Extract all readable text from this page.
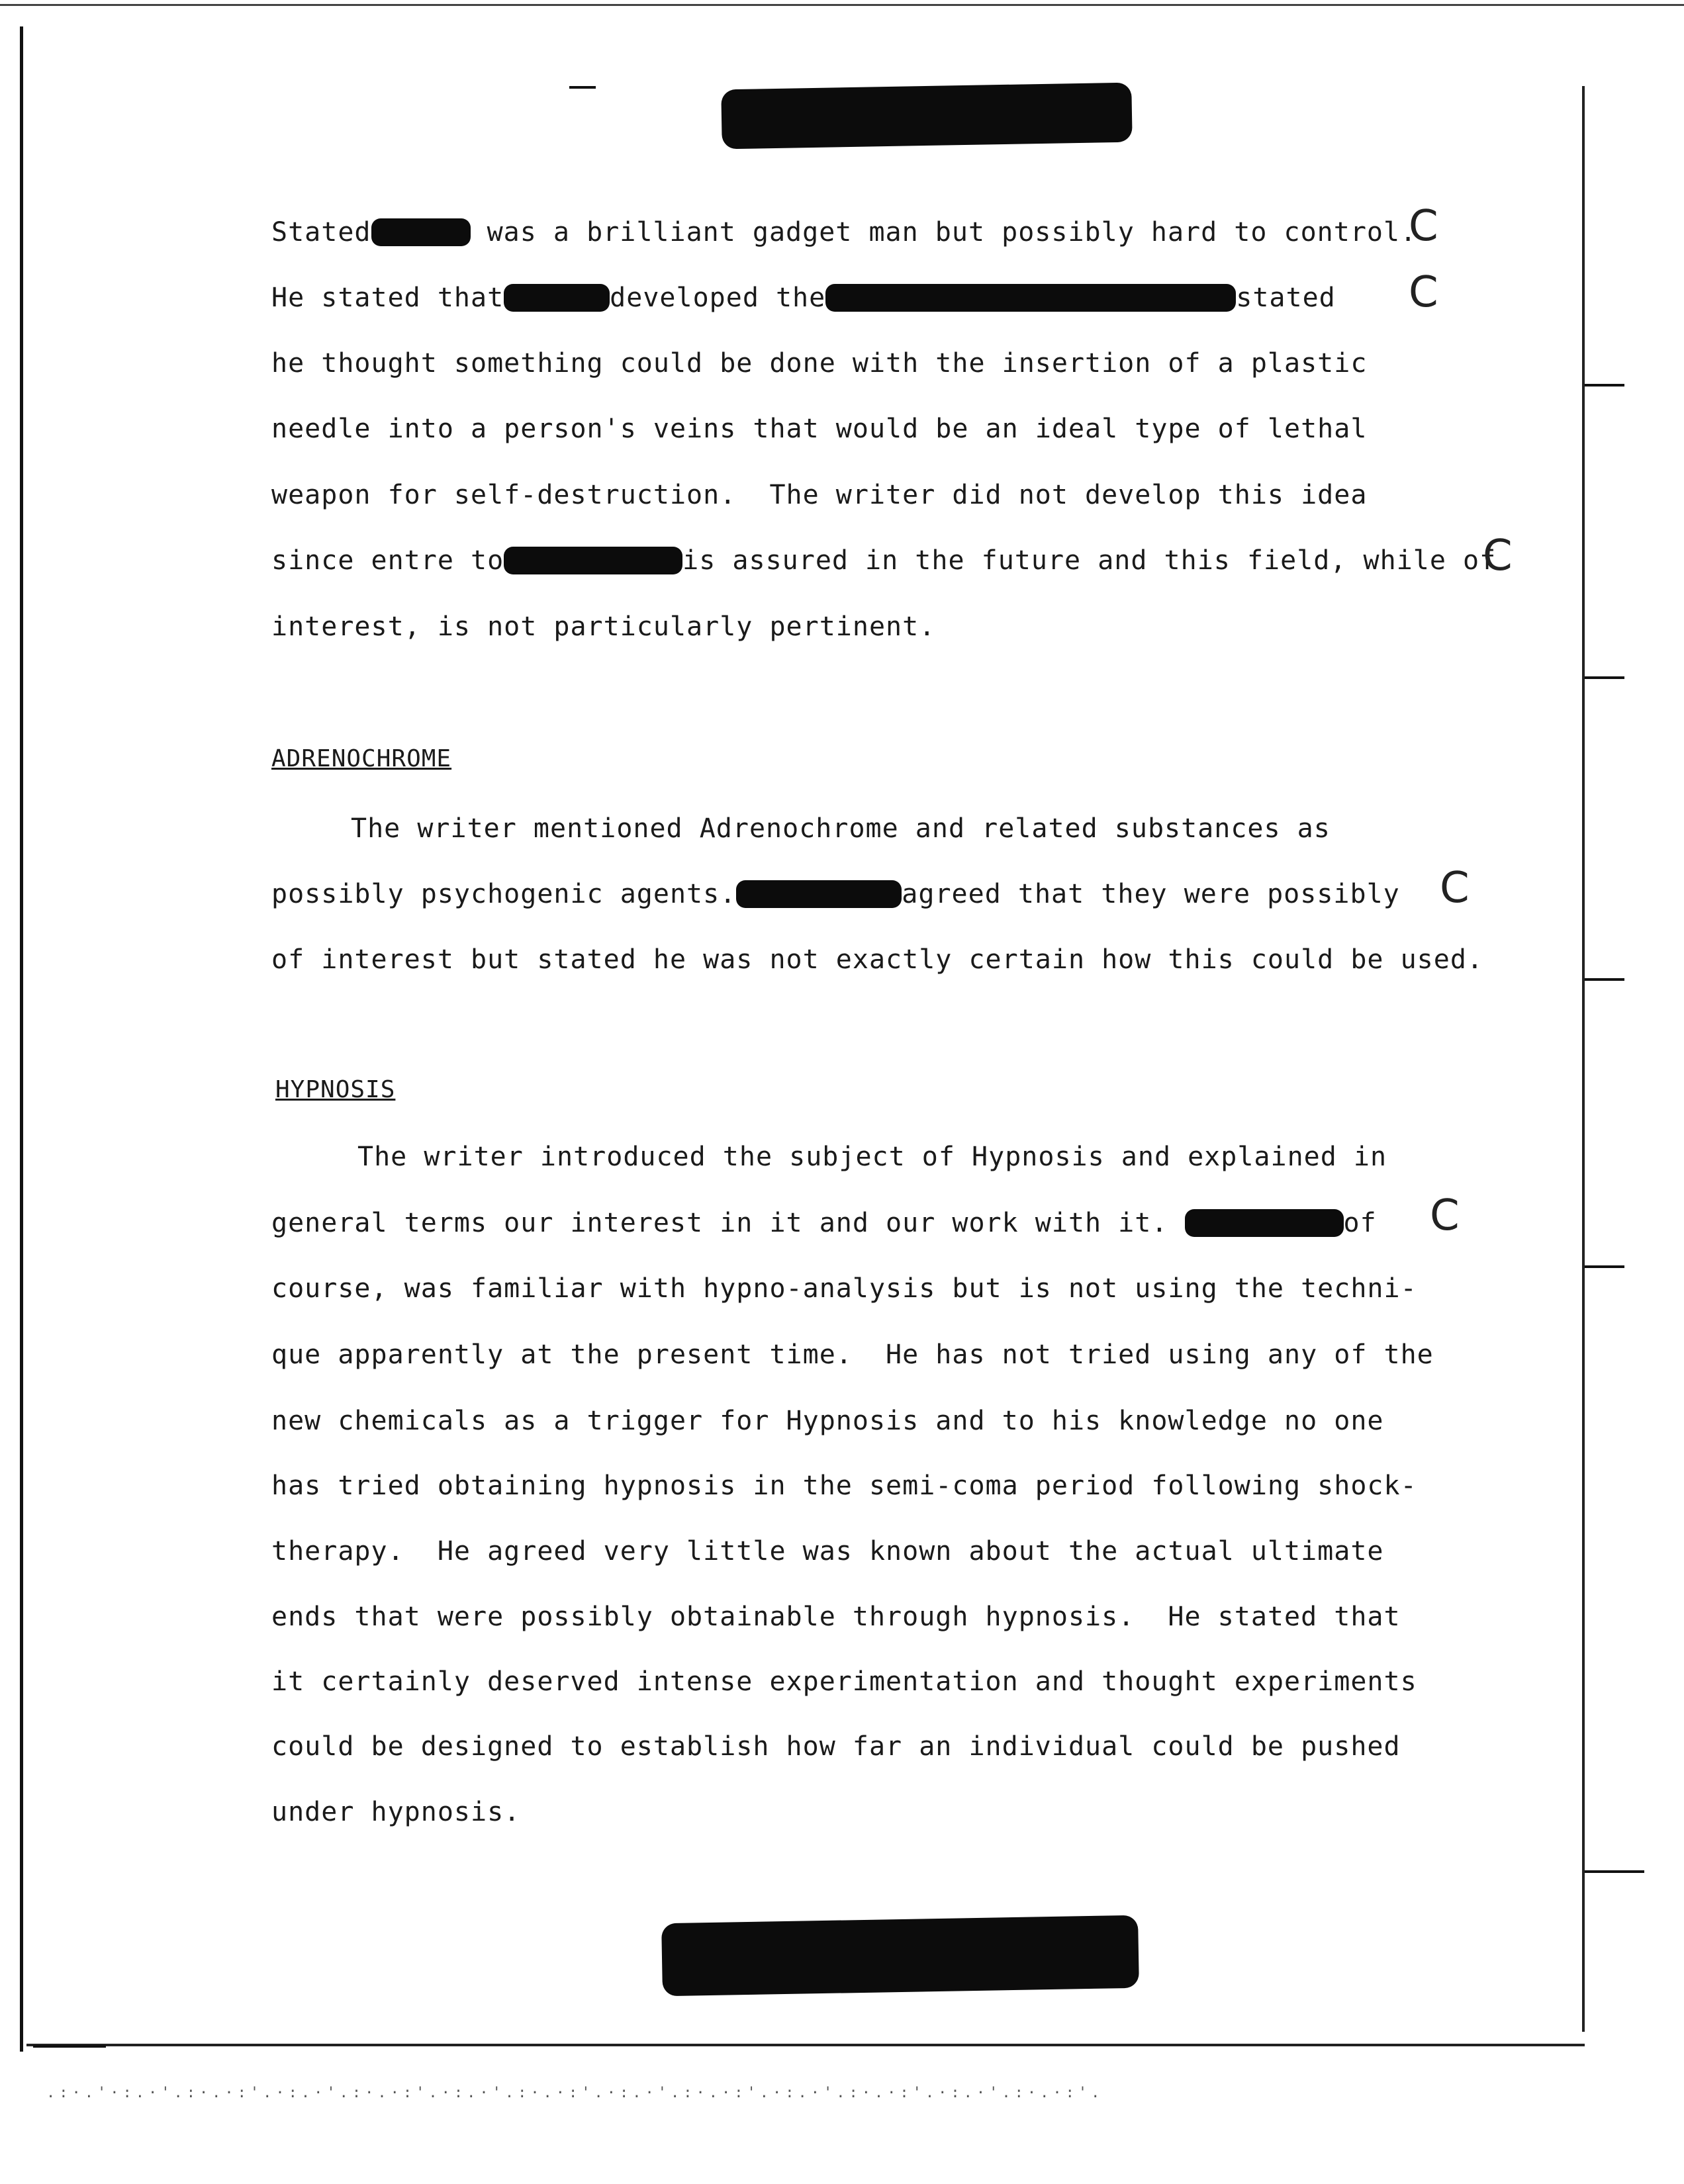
.:·.'·:.·'.:·.·:'.·:.·'.:·.·:'.·:.·'.:·.·:'.·:.·'.:·.·:'.·:.·'.:·.·:'.·:.·'.:·.·:'.
Stated	was a brilliant gadget man but possibly hard to control.
He stated that	developed the	stated
he thought something could be done with the insertion of a plastic
needle into a person's veins that would be an ideal type of lethal
weapon for self-destruction.  The writer did not develop this idea
since entre to	is assured in the future and this field, while of
interest, is not particularly pertinent.
ADRENOCHROME
The writer mentioned Adrenochrome and related substances as
possibly psychogenic agents.	agreed that they were possibly
of interest but stated he was not exactly certain how this could be used.
HYPNOSIS
The writer introduced the subject of Hypnosis and explained in
general terms our interest in it and our work with it.	of
course, was familiar with hypno-analysis but is not using the techni-
que apparently at the present time.  He has not tried using any of the
new chemicals as a trigger for Hypnosis and to his knowledge no one
has tried obtaining hypnosis in the semi-coma period following shock-
therapy.  He agreed very little was known about the actual ultimate
ends that were possibly obtainable through hypnosis.  He stated that
it certainly deserved intense experimentation and thought experiments
could be designed to establish how far an individual could be pushed
under hypnosis.
C
C
C
C
C
